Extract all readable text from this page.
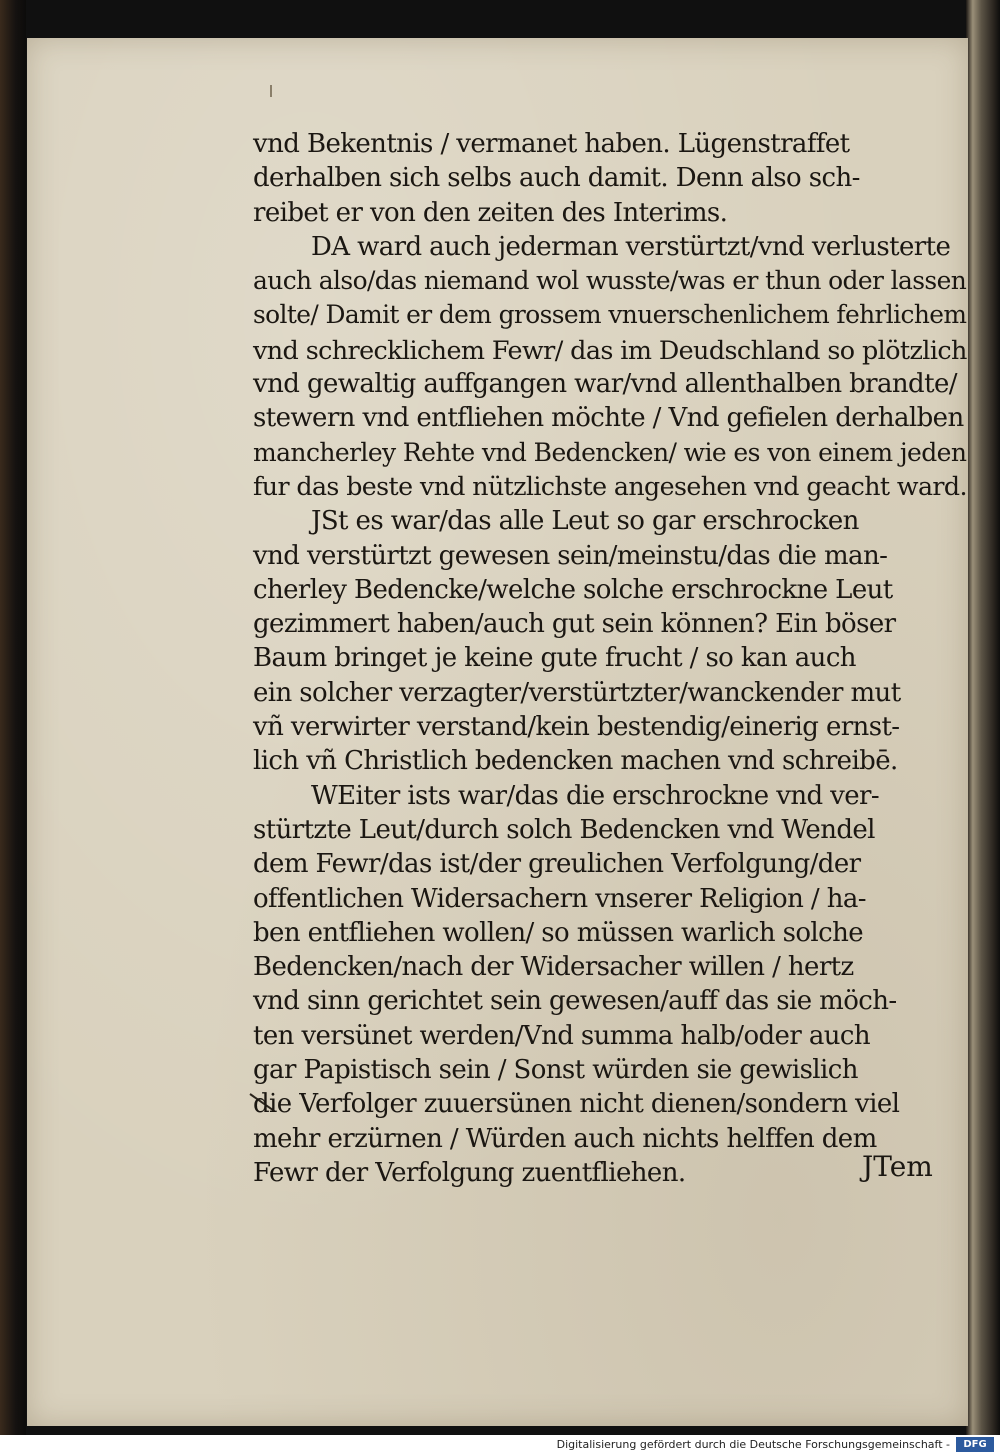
vnd Bekentnis / vermanet haben. Lügenstraffet
derhalben sich selbs auch damit. Denn also sch-
reibet er von den zeiten des Interims.
DA ward auch jederman verstürtzt/vnd verlusterte
auch also/das niemand wol wusste/was er thun oder lassen
solte/ Damit er dem grossem vnuerschenlichem fehrlichem
vnd schrecklichem Fewr/ das im Deudschland so plötzlich
vnd gewaltig auffgangen war/vnd allenthalben brandte/
stewern vnd entfliehen möchte / Vnd gefielen derhalben
mancherley Rehte vnd Bedencken/ wie es von einem jeden
fur das beste vnd nützlichste angesehen vnd geacht ward.
JSt es war/das alle Leut so gar erschrocken
vnd verstürtzt gewesen sein/meinstu/das die man-
cherley Bedencke/welche solche erschrockne Leut
gezimmert haben/auch gut sein können? Ein böser
Baum bringet je keine gute frucht / so kan auch
ein solcher verzagter/verstürtzter/wanckender mut
vñ verwirter verstand/kein bestendig/einerig ernst-
lich vñ Christlich bedencken machen vnd schreibē.
WEiter ists war/das die erschrockne vnd ver-
stürtzte Leut/durch solch Bedencken vnd Wendel
dem Fewr/das ist/der greulichen Verfolgung/der
offentlichen Widersachern vnserer Religion / ha-
ben entfliehen wollen/ so müssen warlich solche
Bedencken/nach der Widersacher willen / hertz
vnd sinn gerichtet sein gewesen/auff das sie möch-
ten versünet werden/Vnd summa halb/oder auch
gar Papistisch sein / Sonst würden sie gewislich
die Verfolger zuuersünen nicht dienen/sondern viel
mehr erzürnen / Würden auch nichts helffen dem
Fewr der Verfolgung zuentfliehen.	JTem
Digitalisierung gefördert durch die Deutsche Forschungsgemeinschaft -	DFG
